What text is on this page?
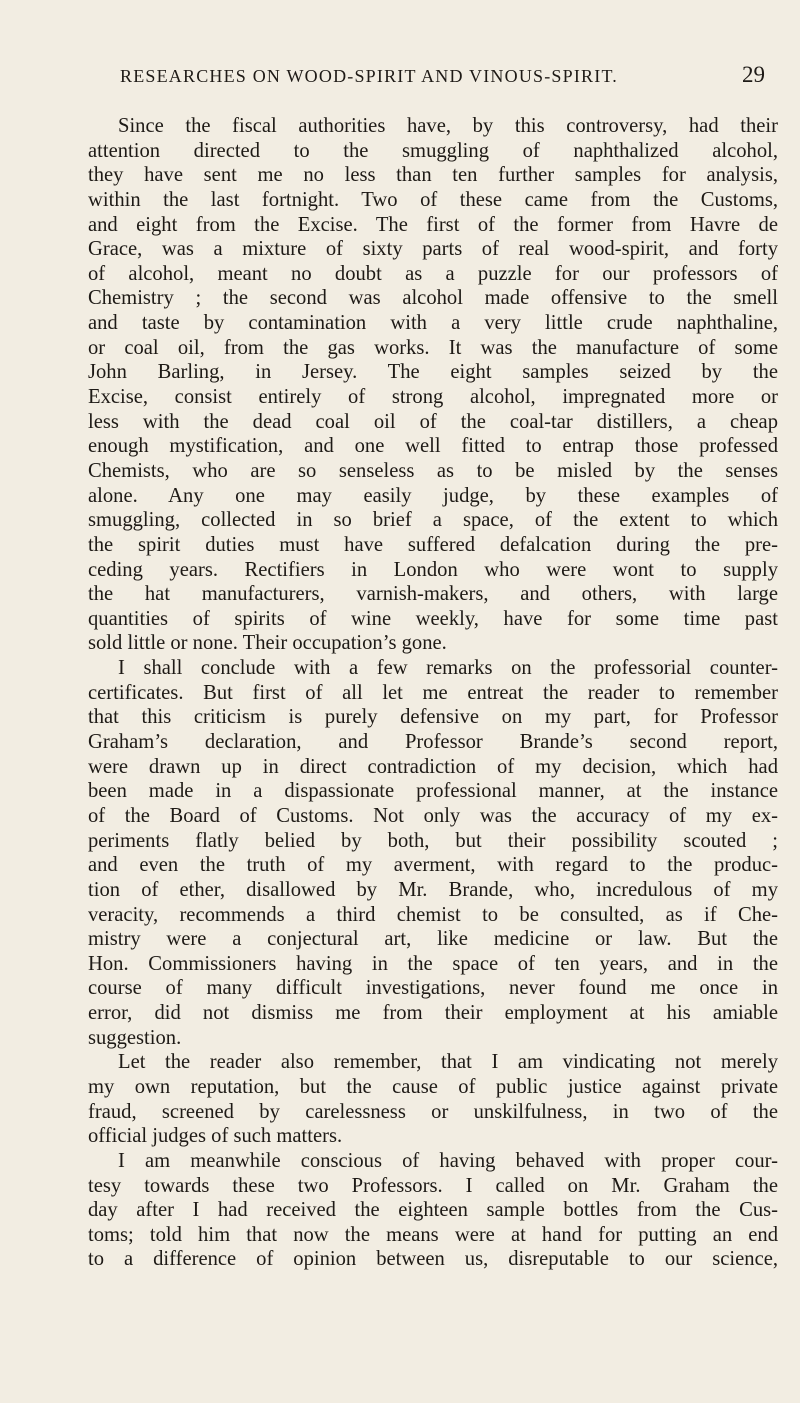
RESEARCHES ON WOOD-SPIRIT AND VINOUS-SPIRIT.	29
Since the fiscal authorities have, by this controversy, had their
attention directed to the smuggling of naphthalized alcohol,
they have sent me no less than ten further samples for analysis,
within the last fortnight. Two of these came from the Customs,
and eight from the Excise. The first of the former from Havre de
Grace, was a mixture of sixty parts of real wood-spirit, and forty
of alcohol, meant no doubt as a puzzle for our professors of
Chemistry ; the second was alcohol made offensive to the smell
and taste by contamination with a very little crude naphthaline,
or coal oil, from the gas works. It was the manufacture of some
John Barling, in Jersey. The eight samples seized by the
Excise, consist entirely of strong alcohol, impregnated more or
less with the dead coal oil of the coal-tar distillers, a cheap
enough mystification, and one well fitted to entrap those professed
Chemists, who are so senseless as to be misled by the senses
alone. Any one may easily judge, by these examples of
smuggling, collected in so brief a space, of the extent to which
the spirit duties must have suffered defalcation during the pre-
ceding years. Rectifiers in London who were wont to supply
the hat manufacturers, varnish-makers, and others, with large
quantities of spirits of wine weekly, have for some time past
sold little or none. Their occupation’s gone.
I shall conclude with a few remarks on the professorial counter-
certificates. But first of all let me entreat the reader to remember
that this criticism is purely defensive on my part, for Professor
Graham’s declaration, and Professor Brande’s second report,
were drawn up in direct contradiction of my decision, which had
been made in a dispassionate professional manner, at the instance
of the Board of Customs. Not only was the accuracy of my ex-
periments flatly belied by both, but their possibility scouted ;
and even the truth of my averment, with regard to the produc-
tion of ether, disallowed by Mr. Brande, who, incredulous of my
veracity, recommends a third chemist to be consulted, as if Che-
mistry were a conjectural art, like medicine or law. But the
Hon. Commissioners having in the space of ten years, and in the
course of many difficult investigations, never found me once in
error, did not dismiss me from their employment at his amiable
suggestion.
Let the reader also remember, that I am vindicating not merely
my own reputation, but the cause of public justice against private
fraud, screened by carelessness or unskilfulness, in two of the
official judges of such matters.
I am meanwhile conscious of having behaved with proper cour-
tesy towards these two Professors. I called on Mr. Graham the
day after I had received the eighteen sample bottles from the Cus-
toms; told him that now the means were at hand for putting an end
to a difference of opinion between us, disreputable to our science,
